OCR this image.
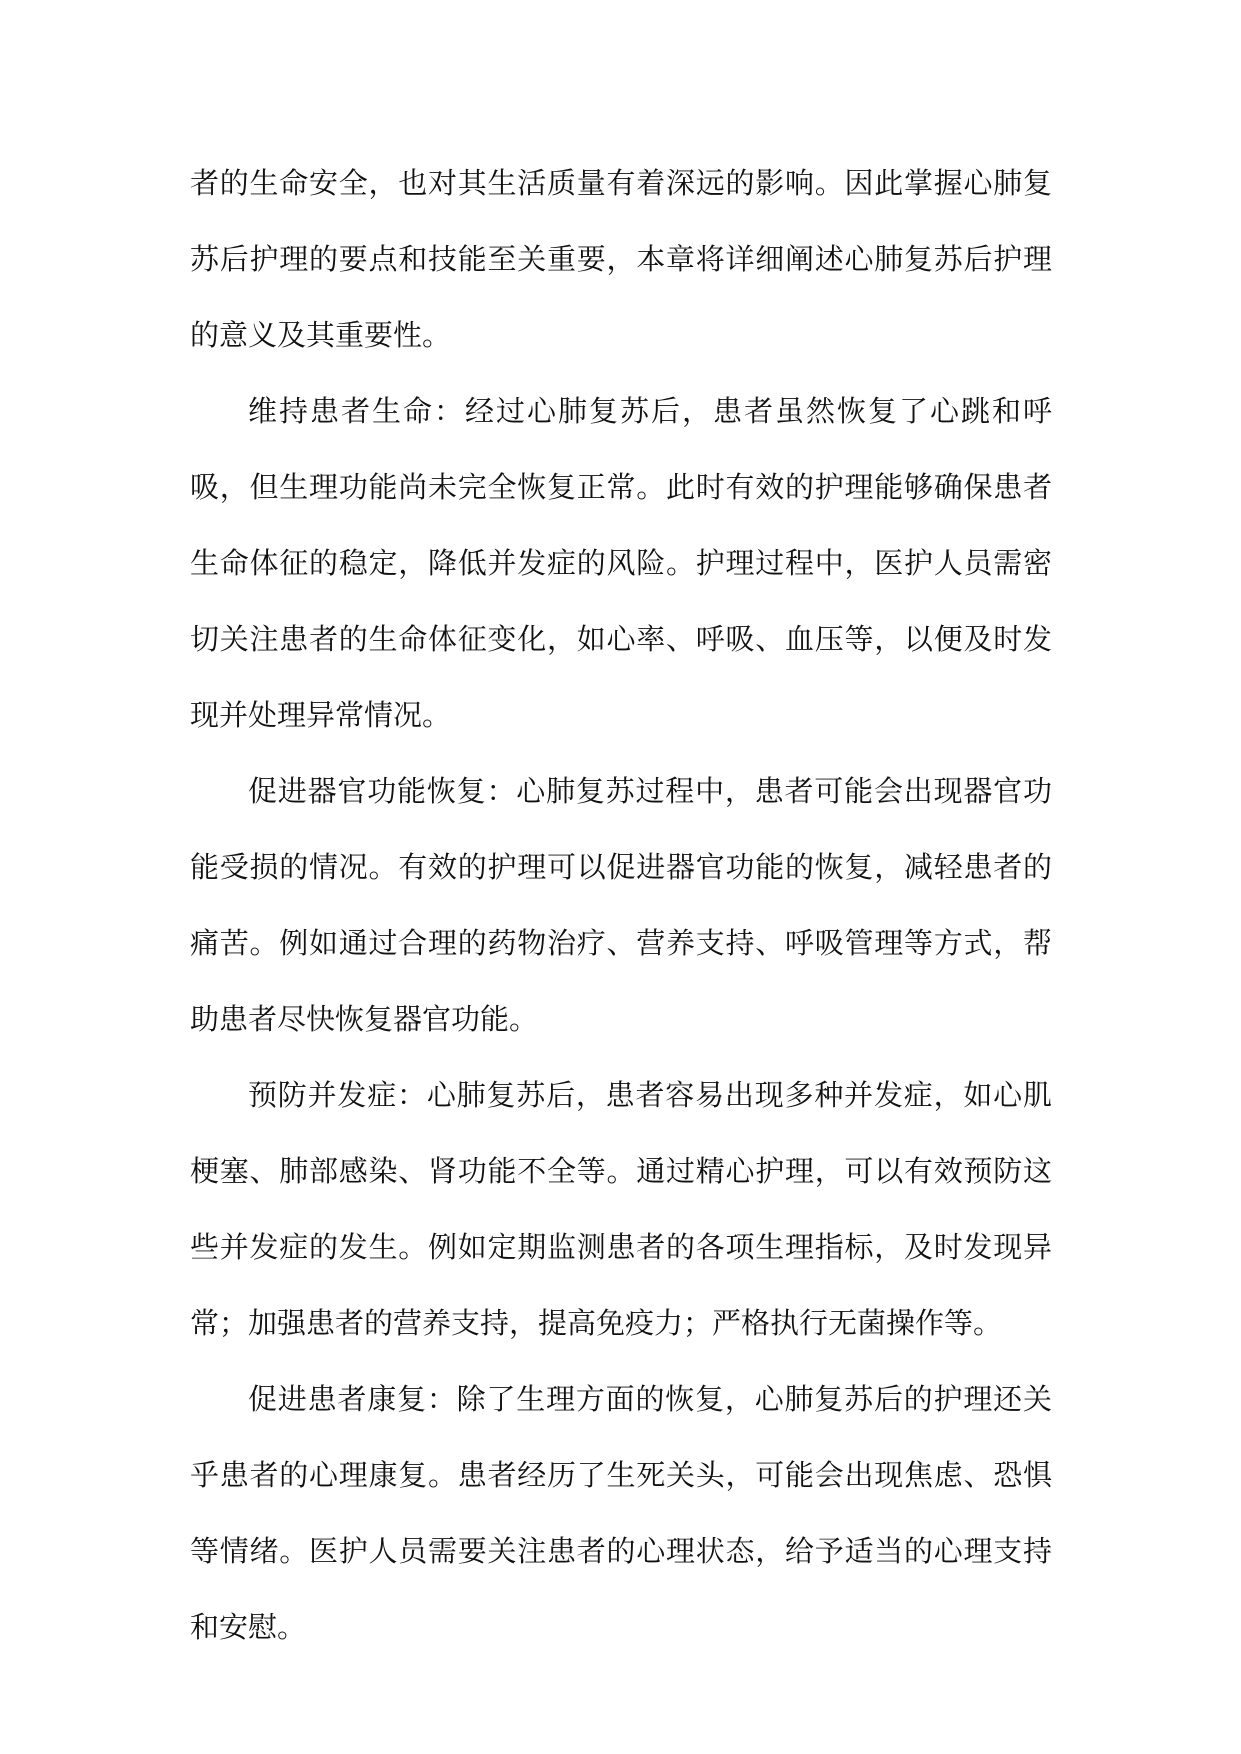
者的生命安全，也对其生活质量有着深远的影响。因此掌握心肺复苏后护理的要点和技能至关重要，本章将详细阐述心肺复苏后护理的意义及其重要性。

维持患者生命：经过心肺复苏后，患者虽然恢复了心跳和呼吸，但生理功能尚未完全恢复正常。此时有效的护理能够确保患者生命体征的稳定，降低并发症的风险。护理过程中，医护人员需密切关注患者的生命体征变化，如心率、呼吸、血压等，以便及时发现并处理异常情况。

促进器官功能恢复：心肺复苏过程中，患者可能会出现器官功能受损的情况。有效的护理可以促进器官功能的恢复，减轻患者的痛苦。例如通过合理的药物治疗、营养支持、呼吸管理等方式，帮助患者尽快恢复器官功能。

预防并发症：心肺复苏后，患者容易出现多种并发症，如心肌梗塞、肺部感染、肾功能不全等。通过精心护理，可以有效预防这些并发症的发生。例如定期监测患者的各项生理指标，及时发现异常；加强患者的营养支持，提高免疫力；严格执行无菌操作等。

促进患者康复：除了生理方面的恢复，心肺复苏后的护理还关乎患者的心理康复。患者经历了生死关头，可能会出现焦虑、恐惧等情绪。医护人员需要关注患者的心理状态，给予适当的心理支持和安慰。
